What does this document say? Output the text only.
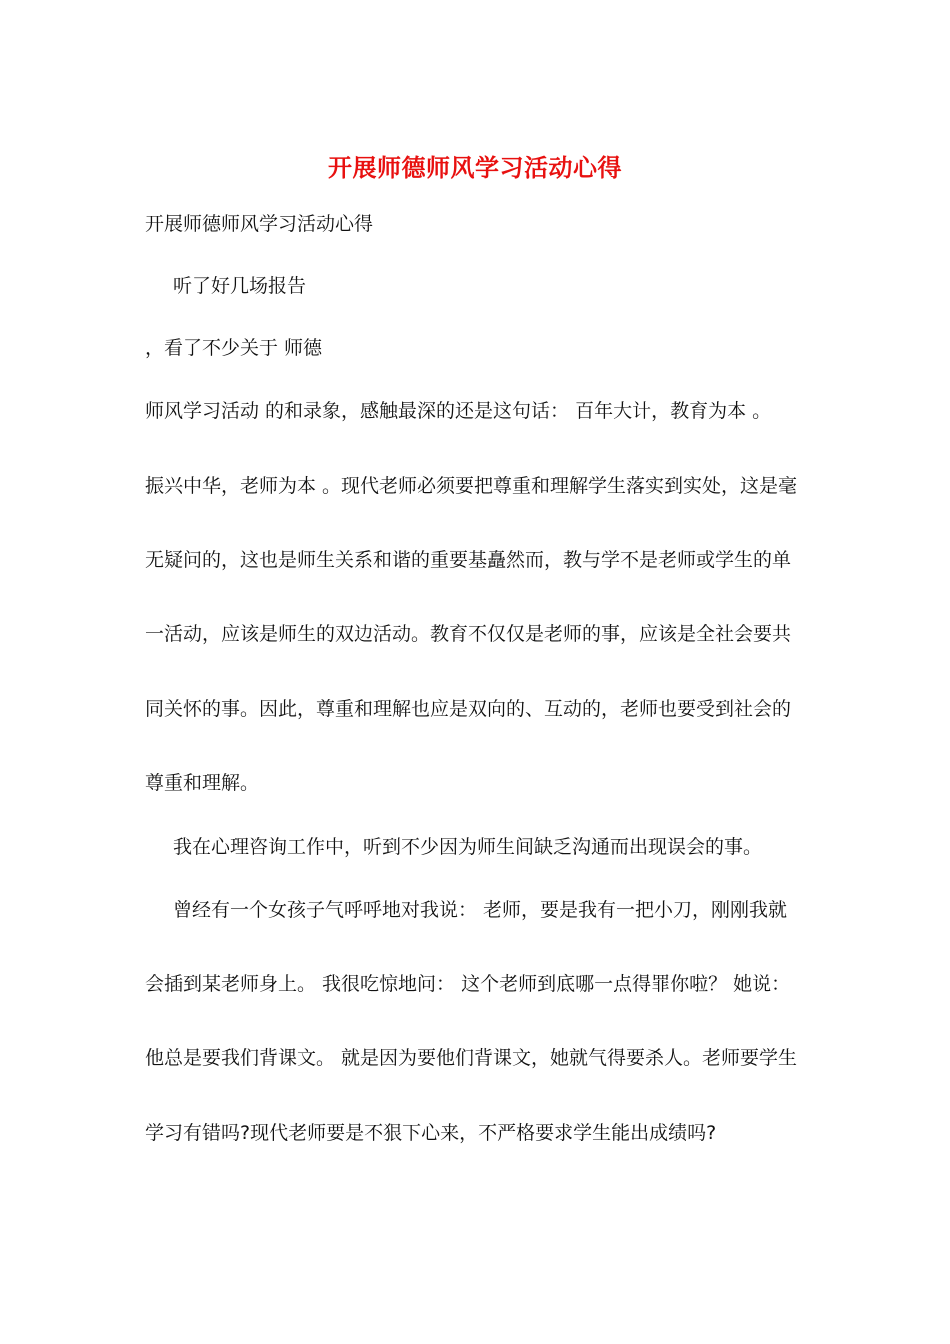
开展师德师风学习活动心得
开展师德师风学习活动心得
听了好几场报告
，看了不少关于 师德
师风学习活动 的和录象，感触最深的还是这句话： 百年大计，教育为本 。
振兴中华，老师为本 。现代老师必须要把尊重和理解学生落实到实处，这是毫
无疑问的，这也是师生关系和谐的重要基矗然而，教与学不是老师或学生的单
一活动，应该是师生的双边活动。教育不仅仅是老师的事，应该是全社会要共
同关怀的事。因此，尊重和理解也应是双向的、互动的，老师也要受到社会的
尊重和理解。
我在心理咨询工作中，听到不少因为师生间缺乏沟通而出现误会的事。
曾经有一个女孩子气呼呼地对我说： 老师，要是我有一把小刀，刚刚我就
会插到某老师身上。 我很吃惊地问： 这个老师到底哪一点得罪你啦？ 她说：
他总是要我们背课文。 就是因为要他们背课文，她就气得要杀人。老师要学生
学习有错吗?现代老师要是不狠下心来，不严格要求学生能出成绩吗?
